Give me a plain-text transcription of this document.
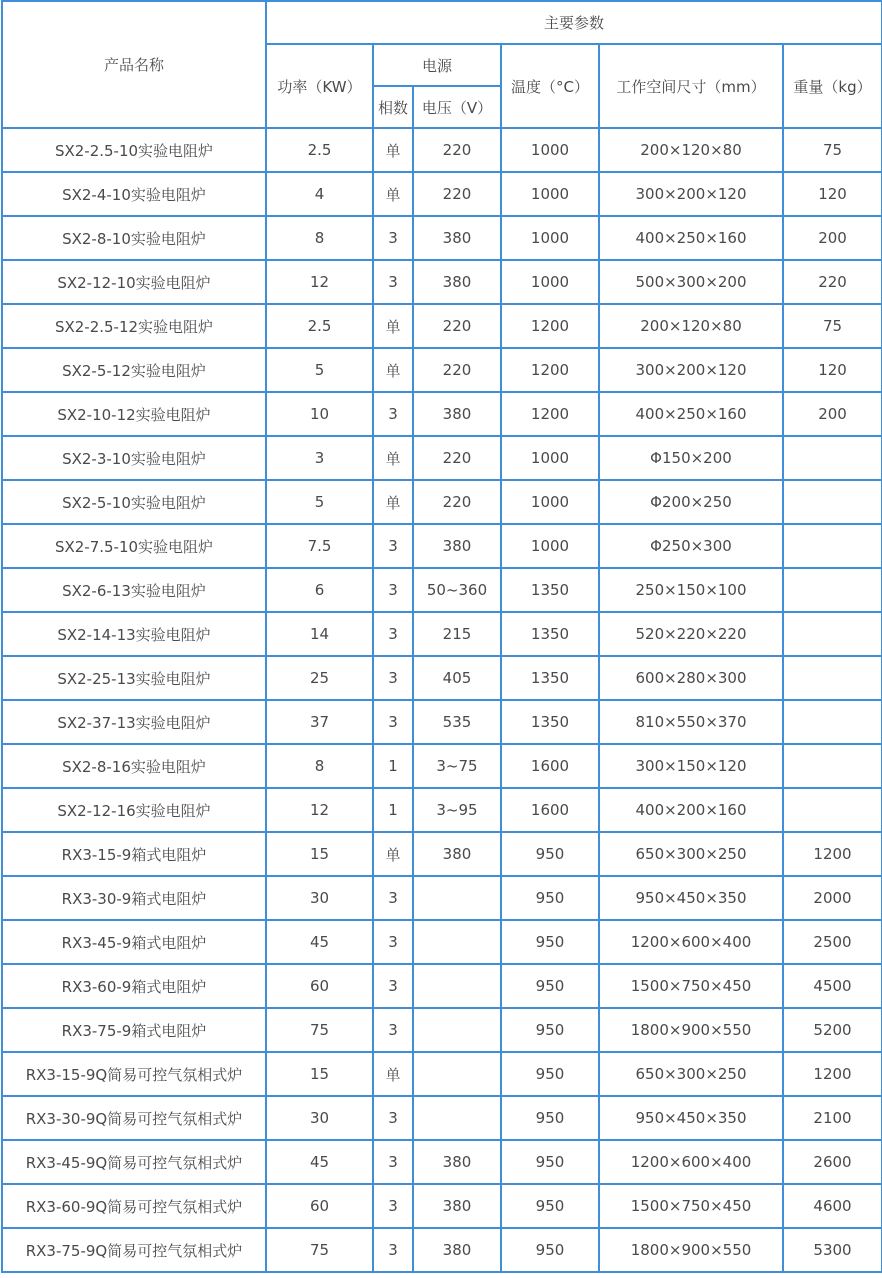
产品名称	主要参数					
	功率（KW）	电源		温度（°C）	工作空间尺寸（mm）	重量（kg）
		相数	电压（V）			
SX2-2.5-10实验电阻炉	2.5	单	220	1000	200×120×80	75
SX2-4-10实验电阻炉	4	单	220	1000	300×200×120	120
SX2-8-10实验电阻炉	8	3	380	1000	400×250×160	200
SX2-12-10实验电阻炉	12	3	380	1000	500×300×200	220
SX2-2.5-12实验电阻炉	2.5	单	220	1200	200×120×80	75
SX2-5-12实验电阻炉	5	单	220	1200	300×200×120	120
SX2-10-12实验电阻炉	10	3	380	1200	400×250×160	200
SX2-3-10实验电阻炉	3	单	220	1000	Φ150×200	
SX2-5-10实验电阻炉	5	单	220	1000	Φ200×250	
SX2-7.5-10实验电阻炉	7.5	3	380	1000	Φ250×300	
SX2-6-13实验电阻炉	6	3	50~360	1350	250×150×100	
SX2-14-13实验电阻炉	14	3	215	1350	520×220×220	
SX2-25-13实验电阻炉	25	3	405	1350	600×280×300	
SX2-37-13实验电阻炉	37	3	535	1350	810×550×370	
SX2-8-16实验电阻炉	8	1	3~75	1600	300×150×120	
SX2-12-16实验电阻炉	12	1	3~95	1600	400×200×160	
RX3-15-9箱式电阻炉	15	单	380	950	650×300×250	1200
RX3-30-9箱式电阻炉	30	3		950	950×450×350	2000
RX3-45-9箱式电阻炉	45	3		950	1200×600×400	2500
RX3-60-9箱式电阻炉	60	3		950	1500×750×450	4500
RX3-75-9箱式电阻炉	75	3		950	1800×900×550	5200
RX3-15-9Q简易可控气氛相式炉	15	单		950	650×300×250	1200
RX3-30-9Q简易可控气氛相式炉	30	3		950	950×450×350	2100
RX3-45-9Q简易可控气氛相式炉	45	3	380	950	1200×600×400	2600
RX3-60-9Q简易可控气氛相式炉	60	3	380	950	1500×750×450	4600
RX3-75-9Q简易可控气氛相式炉	75	3	380	950	1800×900×550	5300
